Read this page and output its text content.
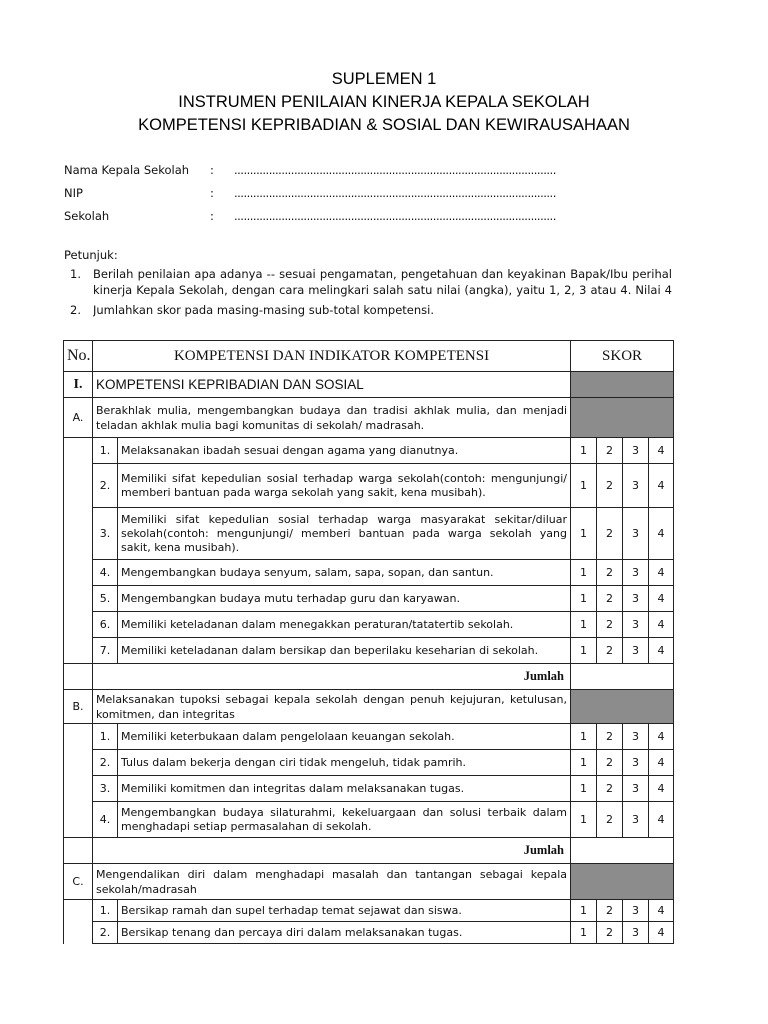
SUPLEMEN 1
INSTRUMEN PENILAIAN KINERJA KEPALA SEKOLAH
KOMPETENSI KEPRIBADIAN & SOSIAL DAN KEWIRAUSAHAAN
Nama Kepala Sekolah : ......................................................................................................
NIP	: ......................................................................................................
Sekolah	: ......................................................................................................
Petunjuk:
1. Berilah penilaian apa adanya -- sesuai pengamatan, pengetahuan dan keyakinan Bapak/Ibu perihal kinerja Kepala Sekolah, dengan cara melingkari salah satu nilai (angka), yaitu 1, 2, 3 atau 4. Nilai 4
2. Jumlahkan skor pada masing-masing sub-total kompetensi.
No.	KOMPETENSI DAN INDIKATOR KOMPETENSI		SKOR			
I.	KOMPETENSI KEPRIBADIAN DAN SOSIAL					
A.	Berakhlak mulia, mengembangkan budaya dan tradisi akhlak mulia, dan menjadi teladan akhlak mulia bagi komunitas di sekolah/ madrasah.					
	1.	Melaksanakan ibadah sesuai dengan agama yang dianutnya.	1	2	3	4
	2.	Memiliki sifat kepedulian sosial terhadap warga sekolah(contoh: mengunjungi/ memberi bantuan pada warga sekolah yang sakit, kena musibah).	1	2	3	4
	3.	Memiliki sifat kepedulian sosial terhadap warga masyarakat sekitar/diluar sekolah(contoh: mengunjungi/ memberi bantuan pada warga sekolah yang sakit, kena musibah).	1	2	3	4
	4.	Mengembangkan budaya senyum, salam, sapa, sopan, dan santun.	1	2	3	4
	5.	Mengembangkan budaya mutu terhadap guru dan karyawan.	1	2	3	4
	6.	Memiliki keteladanan dalam menegakkan peraturan/tatatertib sekolah.	1	2	3	4
	7.	Memiliki keteladanan dalam bersikap dan beperilaku keseharian di sekolah.	1	2	3	4
	Jumlah					
B.	Melaksanakan tupoksi sebagai kepala sekolah dengan penuh kejujuran, ketulusan, komitmen, dan integritas					
	1.	Memiliki keterbukaan dalam pengelolaan keuangan sekolah.	1	2	3	4
	2.	Tulus dalam bekerja dengan ciri tidak mengeluh, tidak pamrih.	1	2	3	4
	3.	Memiliki komitmen dan integritas dalam melaksanakan tugas.	1	2	3	4
	4.	Mengembangkan budaya silaturahmi, kekeluargaan dan solusi terbaik dalam menghadapi setiap permasalahan di sekolah.	1	2	3	4
	Jumlah					
C.	Mengendalikan diri dalam menghadapi masalah dan tantangan sebagai kepala sekolah/madrasah					
	1.	Bersikap ramah dan supel terhadap temat sejawat dan siswa.	1	2	3	4
	2.	Bersikap tenang dan percaya diri dalam melaksanakan tugas.	1	2	3	4
